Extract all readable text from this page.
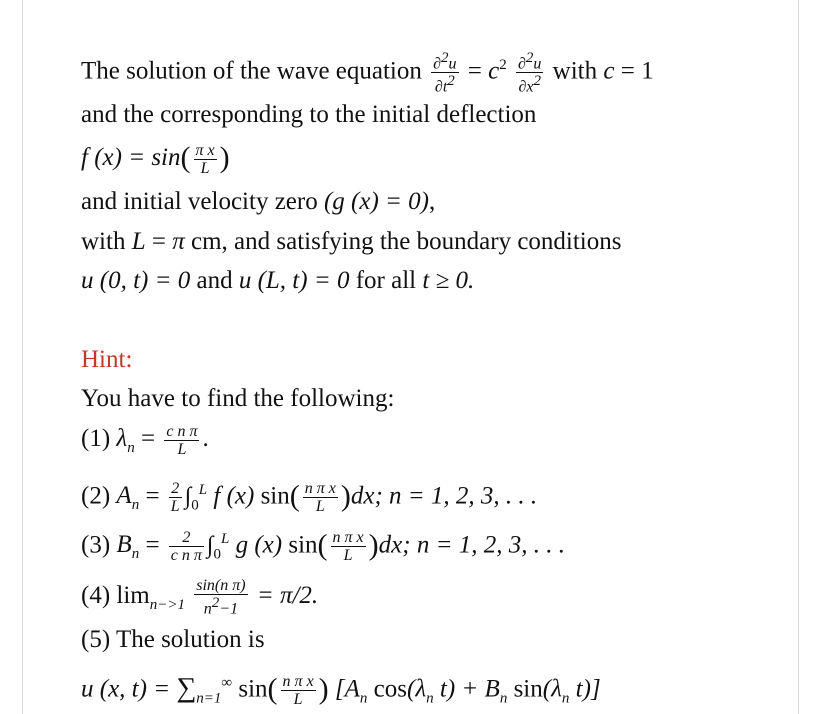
The solution of the wave equation $\frac{\partial^2u}{\partial t^2} = c^2 \frac{\partial^2u}{\partial x^2}$ with c = 1
and the corresponding to the initial deflection
f $(x) = \sin( \frac{\text{π x}}{L}$ )
and initial velocity zero (g (x) = 0),
with L = π cm, and satisfying the boundary conditions
u (0, t) = 0 and u (L, t) = 0 for all t ≥ 0.
Hint:
You have to find the following:
(1) $\lambda_n = \frac{\text{c n π}}{L}$ .
(2) $A_n = \frac{2}{L} \int_0^L$ f (x) $\sin( \frac{\text{n π x}}{L} )dx$; n = 1, 2, 3, . . .
(3) $B_n = \frac{2}{\text{c n π}} \int_0^L$ g (x) $\sin( \frac{\text{n π x}}{L} )dx$; n = 1, 2, 3, . . .
(4) $\lim_{n->1} \frac{\text{sin(n π)}}{n^2-1} = \pi/2$.
(5) The solution is
u (x, $t) = \sum_{n=1}^\infty$ $\sin( \frac{\text{n π x}}{L}$ ) [$A_n$ $\cos(\lambda_n$ $t) + B_n$ $\sin(\lambda_n$ t)]
